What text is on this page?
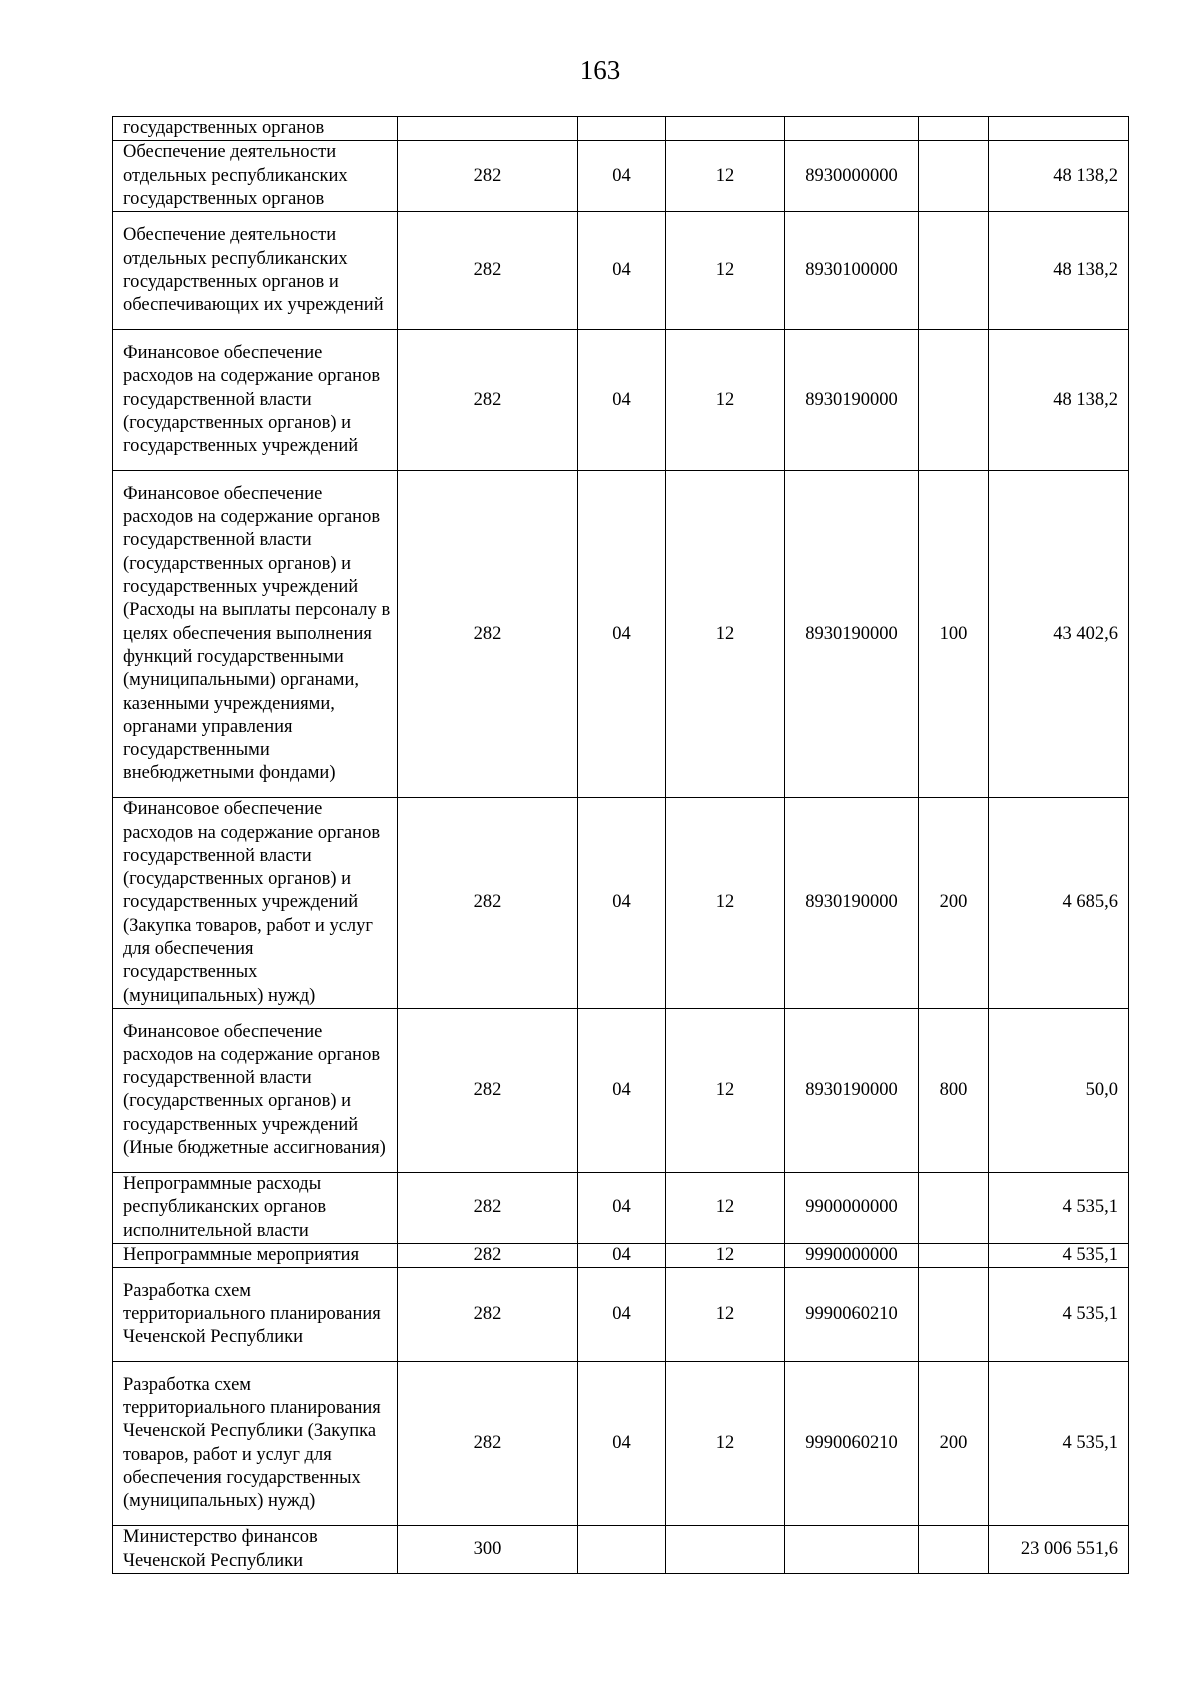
163
государственных органов						
Обеспечение деятельности отдельных республиканских государственных органов	282	04	12	8930000000		48 138,2
Обеспечение деятельности отдельных республиканских государственных органов и обеспечивающих их учреждений	282	04	12	8930100000		48 138,2
Финансовое обеспечение расходов на содержание органов государственной власти (государственных органов) и государственных учреждений	282	04	12	8930190000		48 138,2
Финансовое обеспечение расходов на содержание органов государственной власти (государственных органов) и государственных учреждений (Расходы на выплаты персоналу в целях обеспечения выполнения функций государственными (муниципальными) органами, казенными учреждениями, органами управления государственными внебюджетными фондами)	282	04	12	8930190000	100	43 402,6
Финансовое обеспечение расходов на содержание органов государственной власти (государственных органов) и государственных учреждений (Закупка товаров, работ и услуг для обеспечения государственных (муниципальных) нужд)	282	04	12	8930190000	200	4 685,6
Финансовое обеспечение расходов на содержание органов государственной власти (государственных органов) и государственных учреждений (Иные бюджетные ассигнования)	282	04	12	8930190000	800	50,0
Непрограммные расходы республиканских органов исполнительной власти	282	04	12	9900000000		4 535,1
Непрограммные мероприятия	282	04	12	9990000000		4 535,1
Разработка схем территориального планирования Чеченской Республики	282	04	12	9990060210		4 535,1
Разработка схем территориального планирования Чеченской Республики (Закупка товаров, работ и услуг для обеспечения государственных (муниципальных) нужд)	282	04	12	9990060210	200	4 535,1
Министерство финансов Чеченской Республики	300					23 006 551,6
